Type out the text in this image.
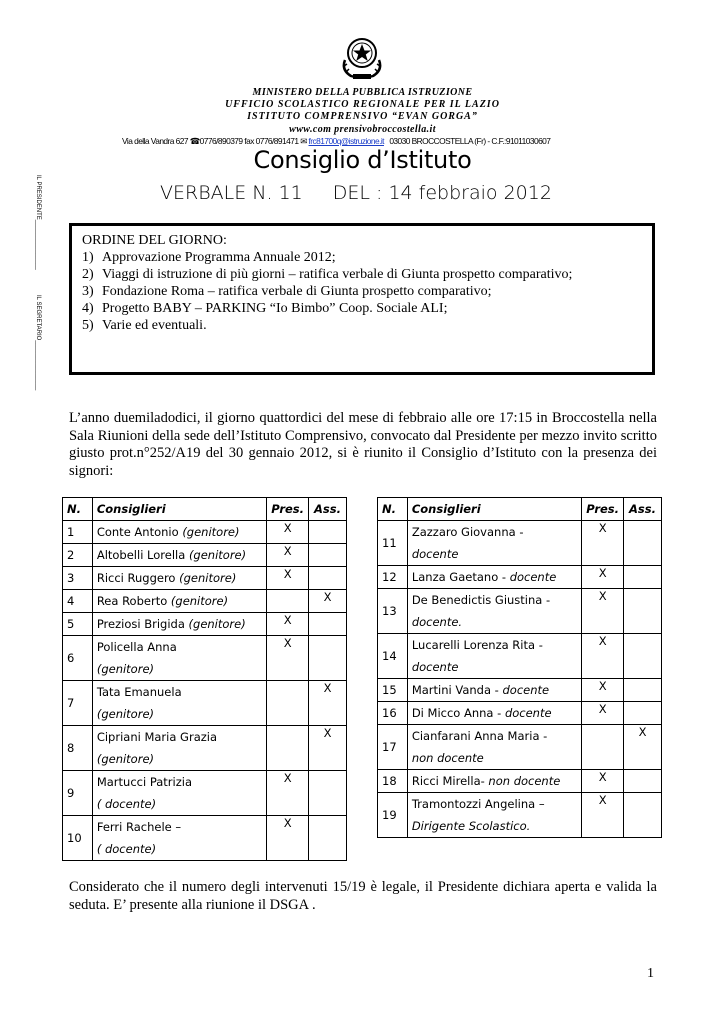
MINISTERO DELLA PUBBLICA ISTRUZIONE
UFFICIO SCOLASTICO REGIONALE PER IL LAZIO
ISTITUTO COMPRENSIVO “EVAN GORGA”
www.com prensivobroccostella.it
Via della Vandra 627 ☎0776/890379 fax 0776/891471 ✉ frc81700q@istruzione.it 03030 BROCCOSTELLA (Fr) - C.F.:91011030607
Consiglio d’Istituto
VERBALE N. 11 DEL : 14 febbraio 2012
IL PRESIDENTE_______________
IL SEGRETARIO_______________
ORDINE DEL GIORNO:
1) Approvazione Programma Annuale 2012;
2) Viaggi di istruzione di più giorni – ratifica verbale di Giunta prospetto comparativo;
3) Fondazione Roma – ratifica verbale di Giunta prospetto comparativo;
4) Progetto BABY – PARKING “Io Bimbo” Coop. Sociale ALI;
5) Varie ed eventuali.
L’anno duemiladodici, il giorno quattordici del mese di febbraio alle ore 17:15 in Broccostella nella Sala Riunioni della sede dell’Istituto Comprensivo, convocato dal Presidente per mezzo invito scritto giusto prot.n°252/A19 del 30 gennaio 2012, si è riunito il Consiglio d’Istituto con la presenza dei signori:
N.	Consiglieri	Pres.	Ass.
1	Conte Antonio (genitore)	X	
2	Altobelli Lorella (genitore)	X	
3	Ricci Ruggero (genitore)	X	
4	Rea Roberto (genitore)		X
5	Preziosi Brigida (genitore)	X	
6	Policella Anna
(genitore)	X	
7	Tata Emanuela
(genitore)		X
8	Cipriani Maria Grazia
(genitore)		X
9	Martucci Patrizia
( docente)	X	
10	Ferri Rachele –
( docente)	X	
N.	Consiglieri	Pres.	Ass.
11	Zazzaro Giovanna -
docente	X	
12	Lanza Gaetano - docente	X	
13	De Benedictis Giustina -
docente.	X	
14	Lucarelli Lorenza Rita -
docente	X	
15	Martini Vanda - docente	X	
16	Di Micco Anna - docente	X	
17	Cianfarani Anna Maria -
non docente		X
18	Ricci Mirella- non docente	X	
19	Tramontozzi Angelina –
Dirigente Scolastico.	X	
Considerato che il numero degli intervenuti 15/19 è legale, il Presidente dichiara aperta e valida la seduta. E’ presente alla riunione il DSGA .
1
